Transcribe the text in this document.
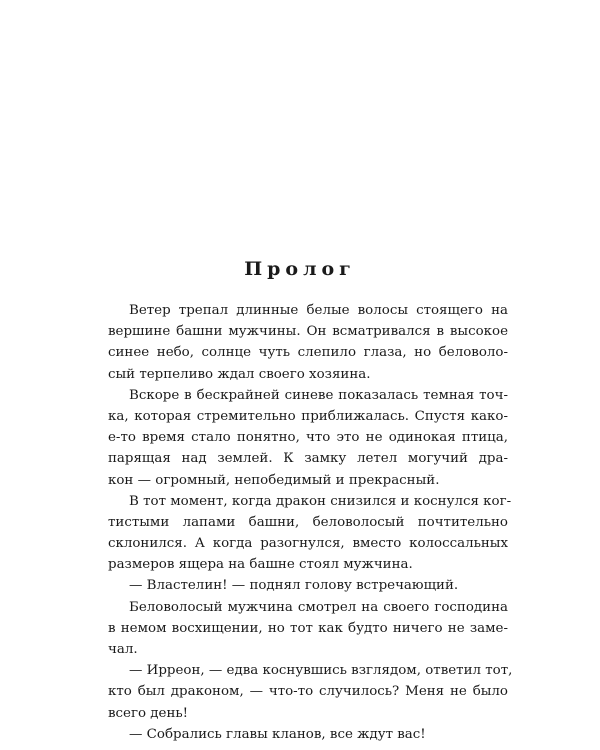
Пролог
Ветер трепал длинные белые волосы стоящего на
вершине башни мужчины. Он всматривался в высокое
синее небо, солнце чуть слепило глаза, но беловоло-
сый терпеливо ждал своего хозяина.
Вскоре в бескрайней синеве показалась темная точ-
ка, которая стремительно приближалась. Спустя како-
е-то время стало понятно, что это не одинокая птица,
парящая над землей. К замку летел могучий дра-
кон — огромный, непобедимый и прекрасный.
В тот момент, когда дракон снизился и коснулся ког-
тистыми лапами башни, беловолосый почтительно
склонился. А когда разогнулся, вместо колоссальных
размеров ящера на башне стоял мужчина.
— Властелин! — поднял голову встречающий.
Беловолосый мужчина смотрел на своего господина
в немом восхищении, но тот как будто ничего не заме-
чал.
— Ирреон, — едва коснувшись взглядом, ответил тот,
кто был драконом, — что-то случилось? Меня не было
всего день!
— Собрались главы кланов, все ждут вас!
